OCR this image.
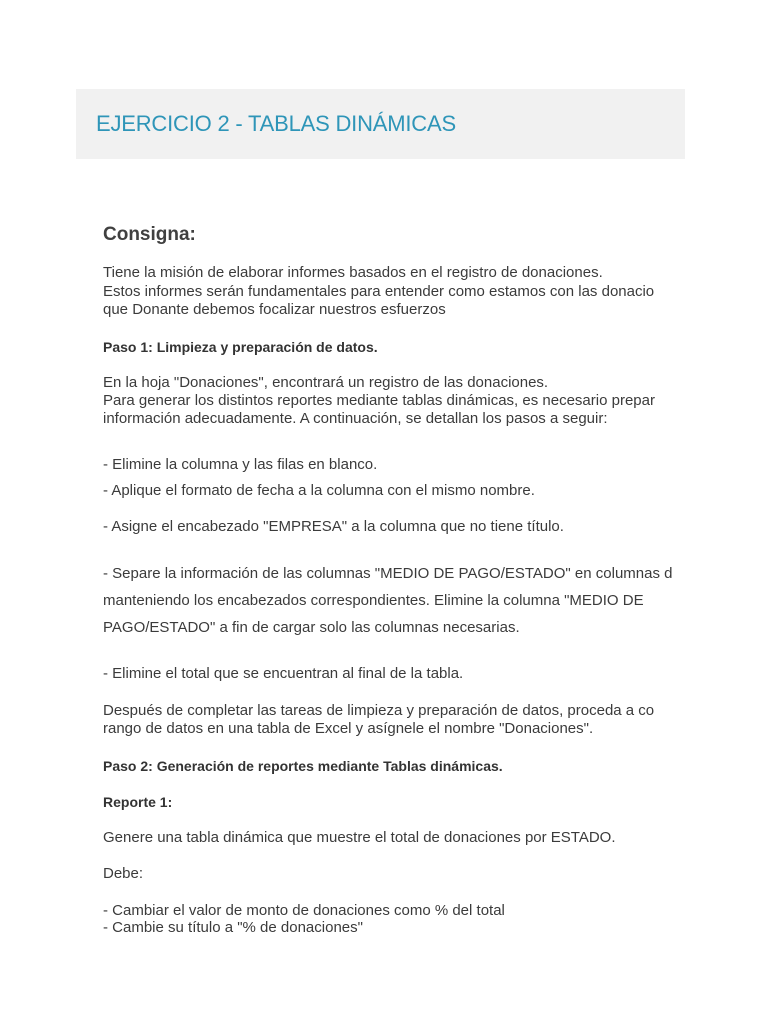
EJERCICIO 2 - TABLAS DINÁMICAS
Consigna:
Tiene la misión de elaborar informes basados en el registro de donaciones.
Estos informes serán fundamentales para entender como estamos con las donacio
que Donante debemos focalizar nuestros esfuerzos
Paso 1: Limpieza y preparación de datos.
En la hoja "Donaciones", encontrará un registro de las donaciones.
Para generar los distintos reportes mediante tablas dinámicas, es necesario prepar
información adecuadamente. A continuación, se detallan los pasos a seguir:
- Elimine la columna y las filas en blanco.
- Aplique el formato de fecha a la columna con el mismo nombre.
- Asigne el encabezado "EMPRESA" a la columna que no tiene título.
- Separe la información de las columnas "MEDIO DE PAGO/ESTADO" en columnas d
manteniendo los encabezados correspondientes. Elimine la columna "MEDIO DE
PAGO/ESTADO" a fin de cargar solo las columnas necesarias.
- Elimine el total que se encuentran al final de la tabla.
Después de completar las tareas de limpieza y preparación de datos, proceda a co
rango de datos en una tabla de Excel y asígnele el nombre "Donaciones".
Paso 2: Generación de reportes mediante Tablas dinámicas.
Reporte 1:
Genere una tabla dinámica que muestre el total de donaciones por ESTADO.
Debe:
- Cambiar el valor de monto de donaciones como % del total
- Cambie su título a "% de donaciones"
